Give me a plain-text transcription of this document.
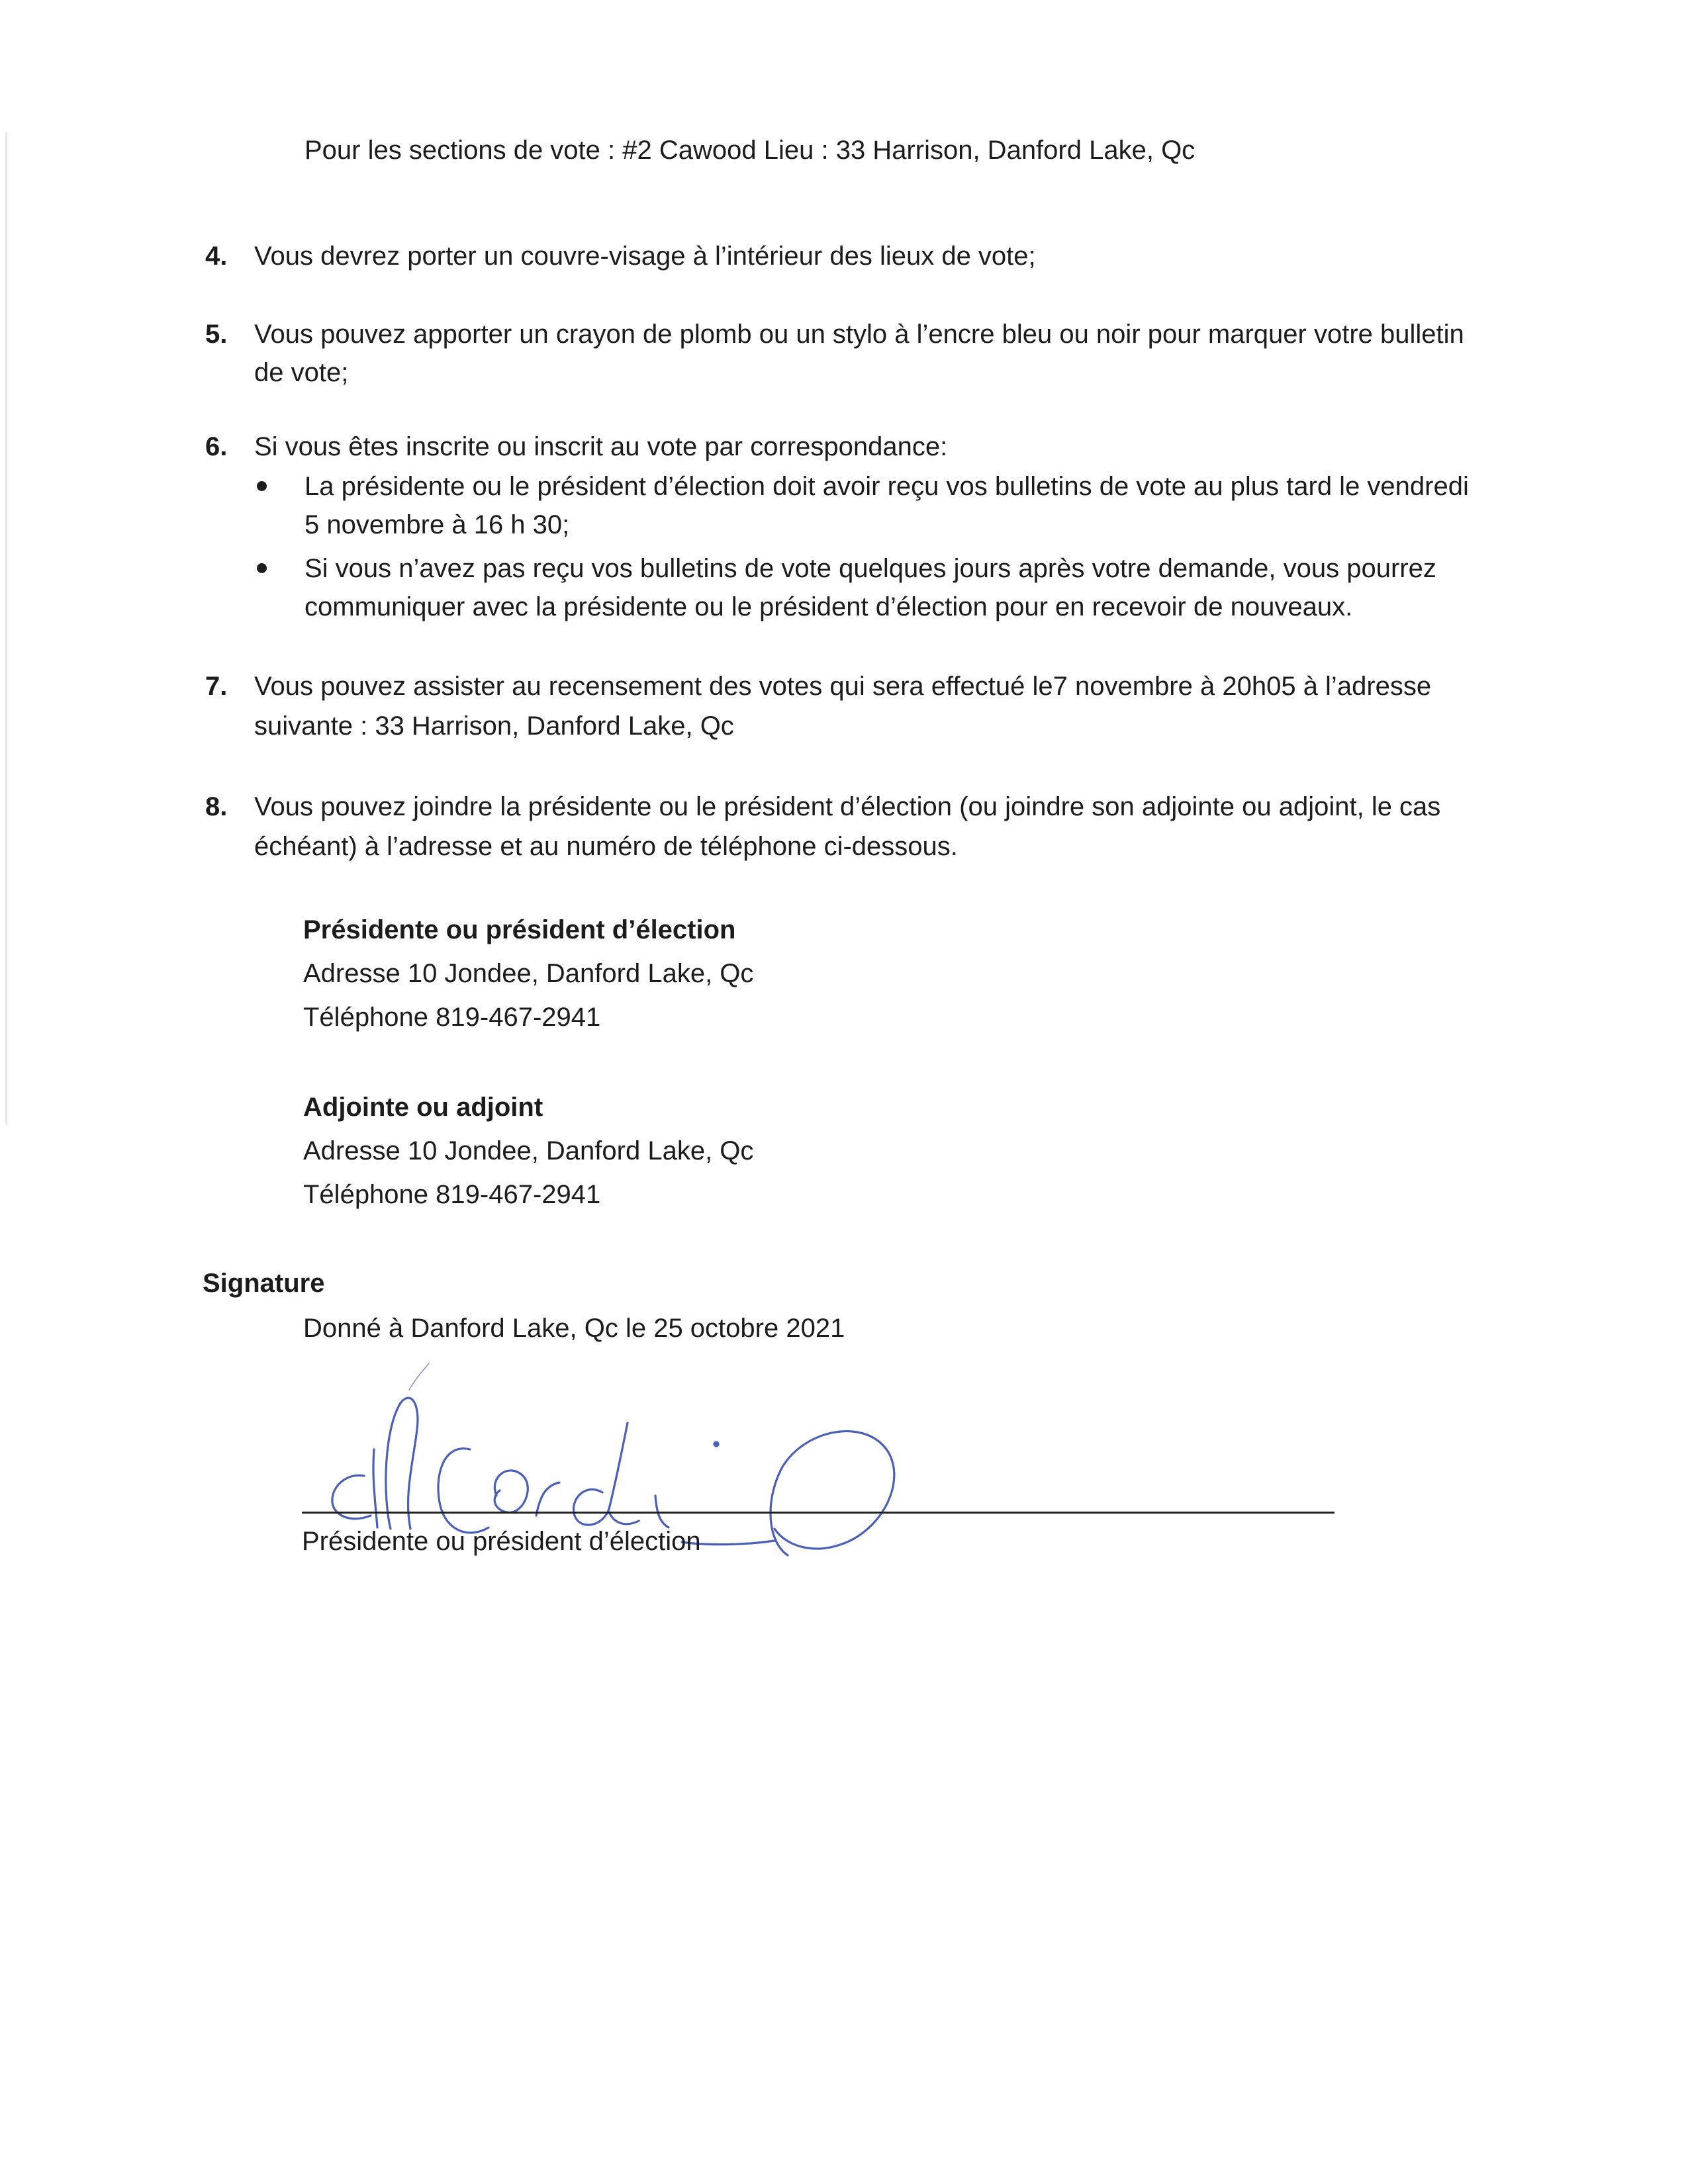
Pour les sections de vote : #2 Cawood Lieu : 33 Harrison, Danford Lake, Qc
4. Vous devrez porter un couvre-visage à l’intérieur des lieux de vote;
5. Vous pouvez apporter un crayon de plomb ou un stylo à l’encre bleu ou noir pour marquer votre bulletin
de vote;
6. Si vous êtes inscrite ou inscrit au vote par correspondance:
La présidente ou le président d’élection doit avoir reçu vos bulletins de vote au plus tard le vendredi
5 novembre à 16 h 30;
Si vous n’avez pas reçu vos bulletins de vote quelques jours après votre demande, vous pourrez
communiquer avec la présidente ou le président d’élection pour en recevoir de nouveaux.
7. Vous pouvez assister au recensement des votes qui sera effectué le7 novembre à 20h05 à l’adresse
suivante : 33 Harrison, Danford Lake, Qc
8. Vous pouvez joindre la présidente ou le président d’élection (ou joindre son adjointe ou adjoint, le cas
échéant) à l’adresse et au numéro de téléphone ci-dessous.
Présidente ou président d’élection
Adresse 10 Jondee, Danford Lake, Qc
Téléphone 819-467-2941
Adjointe ou adjoint
Adresse 10 Jondee, Danford Lake, Qc
Téléphone 819-467-2941
Signature
Donné à Danford Lake, Qc le 25 octobre 2021
Présidente ou président d’élection
